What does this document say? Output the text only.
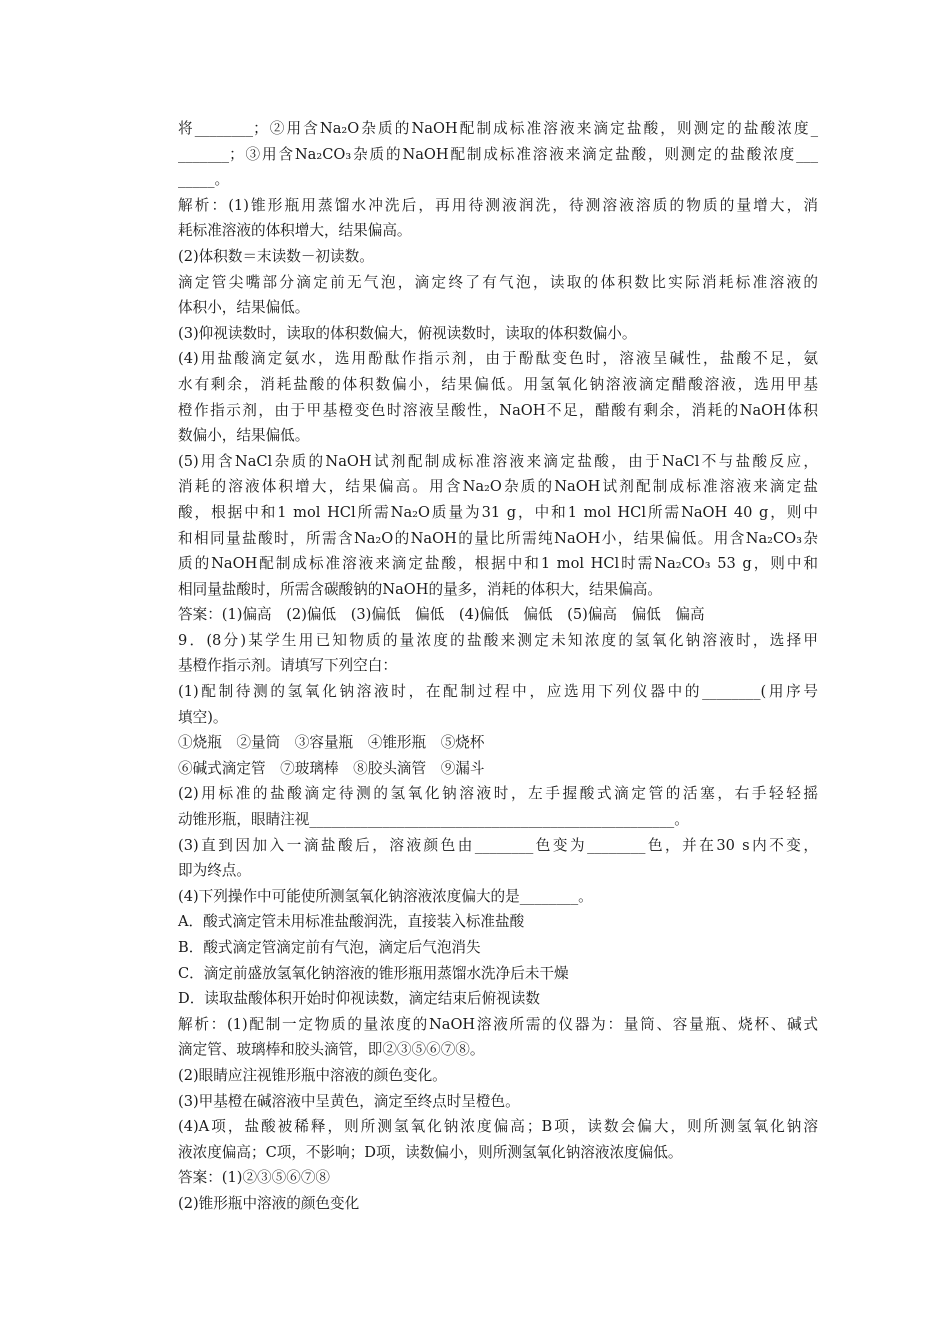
将________；②用含Na₂O杂质的NaOH配制成标准溶液来滴定盐酸，则测定的盐酸浓度_
_______；③用含Na₂CO₃杂质的NaOH配制成标准溶液来滴定盐酸，则测定的盐酸浓度___
_____。
解析：(1)锥形瓶用蒸馏水冲洗后，再用待测液润洗，待测溶液溶质的物质的量增大，消
耗标准溶液的体积增大，结果偏高。
(2)体积数＝末读数－初读数。
滴定管尖嘴部分滴定前无气泡，滴定终了有气泡，读取的体积数比实际消耗标准溶液的
体积小，结果偏低。
(3)仰视读数时，读取的体积数偏大，俯视读数时，读取的体积数偏小。
(4)用盐酸滴定氨水，选用酚酞作指示剂，由于酚酞变色时，溶液呈碱性，盐酸不足，氨
水有剩余，消耗盐酸的体积数偏小，结果偏低。用氢氧化钠溶液滴定醋酸溶液，选用甲基
橙作指示剂，由于甲基橙变色时溶液呈酸性，NaOH不足，醋酸有剩余，消耗的NaOH体积
数偏小，结果偏低。
(5)用含NaCl杂质的NaOH试剂配制成标准溶液来滴定盐酸，由于NaCl不与盐酸反应，
消耗的溶液体积增大，结果偏高。用含Na₂O杂质的NaOH试剂配制成标准溶液来滴定盐
酸，根据中和1 mol HCl所需Na₂O质量为31 g，中和1 mol HCl所需NaOH 40 g，则中
和相同量盐酸时，所需含Na₂O的NaOH的量比所需纯NaOH小，结果偏低。用含Na₂CO₃杂
质的NaOH配制成标准溶液来滴定盐酸，根据中和1 mol HCl时需Na₂CO₃ 53 g，则中和
相同量盐酸时，所需含碳酸钠的NaOH的量多，消耗的体积大，结果偏高。
答案：(1)偏高　(2)偏低　(3)偏低　偏低　(4)偏低　偏低　(5)偏高　偏低　偏高
9．(8分)某学生用已知物质的量浓度的盐酸来测定未知浓度的氢氧化钠溶液时，选择甲
基橙作指示剂。请填写下列空白：
(1)配制待测的氢氧化钠溶液时，在配制过程中，应选用下列仪器中的________(用序号
填空)。
①烧瓶　②量筒　③容量瓶　④锥形瓶　⑤烧杯
⑥碱式滴定管　⑦玻璃棒　⑧胶头滴管　⑨漏斗
(2)用标准的盐酸滴定待测的氢氧化钠溶液时，左手握酸式滴定管的活塞，右手轻轻摇
动锥形瓶，眼睛注视__________________________________________________。
(3)直到因加入一滴盐酸后，溶液颜色由________色变为________色，并在30 s内不变，
即为终点。
(4)下列操作中可能使所测氢氧化钠溶液浓度偏大的是________。
A．酸式滴定管未用标准盐酸润洗，直接装入标准盐酸
B．酸式滴定管滴定前有气泡，滴定后气泡消失
C．滴定前盛放氢氧化钠溶液的锥形瓶用蒸馏水洗净后未干燥
D．读取盐酸体积开始时仰视读数，滴定结束后俯视读数
解析：(1)配制一定物质的量浓度的NaOH溶液所需的仪器为：量筒、容量瓶、烧杯、碱式
滴定管、玻璃棒和胶头滴管，即②③⑤⑥⑦⑧。
(2)眼睛应注视锥形瓶中溶液的颜色变化。
(3)甲基橙在碱溶液中呈黄色，滴定至终点时呈橙色。
(4)A项，盐酸被稀释，则所测氢氧化钠浓度偏高；B项，读数会偏大，则所测氢氧化钠溶
液浓度偏高；C项，不影响；D项，读数偏小，则所测氢氧化钠溶液浓度偏低。
答案：(1)②③⑤⑥⑦⑧
(2)锥形瓶中溶液的颜色变化
